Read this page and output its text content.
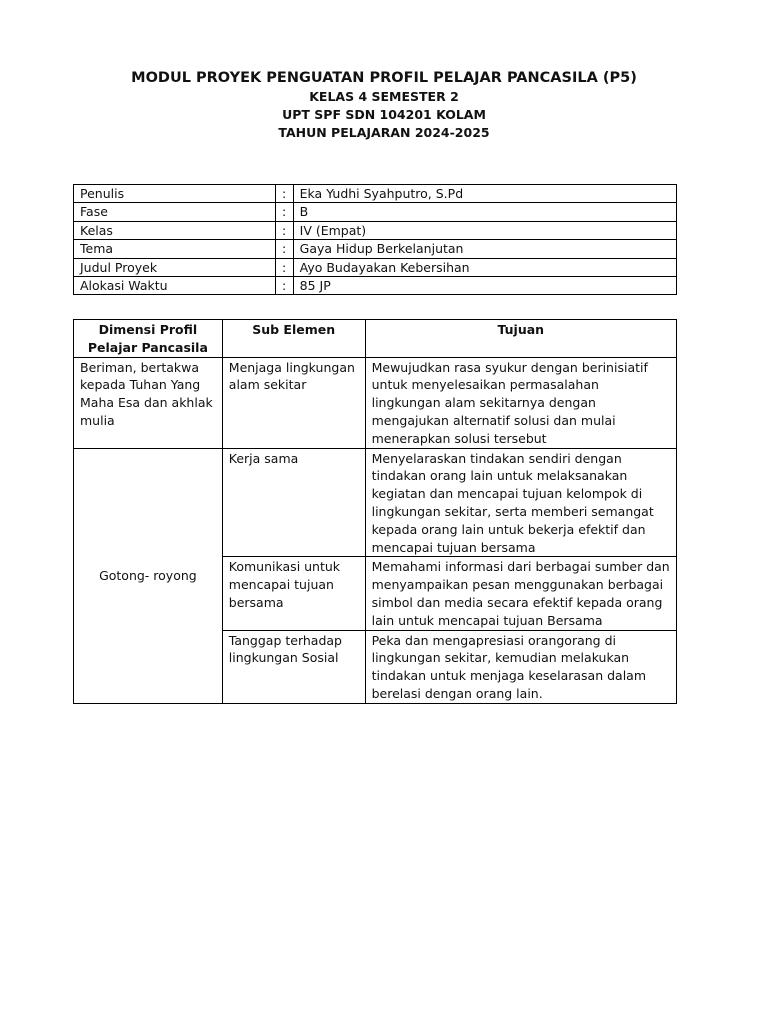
MODUL PROYEK PENGUATAN PROFIL PELAJAR PANCASILA (P5)
KELAS 4 SEMESTER 2
UPT SPF SDN 104201 KOLAM
TAHUN PELAJARAN 2024-2025
Penulis	:	Eka Yudhi Syahputro, S.Pd
Fase	:	B
Kelas	:	IV (Empat)
Tema	:	Gaya Hidup Berkelanjutan
Judul Proyek	:	Ayo Budayakan Kebersihan
Alokasi Waktu	:	85 JP
Dimensi Profil Pelajar Pancasila	Sub Elemen	Tujuan
Beriman, bertakwa kepada Tuhan Yang Maha Esa dan akhlak mulia	Menjaga lingkungan alam sekitar	Mewujudkan rasa syukur dengan berinisiatif untuk menyelesaikan permasalahan lingkungan alam sekitarnya dengan mengajukan alternatif solusi dan mulai menerapkan solusi tersebut
Gotong- royong	Kerja sama	Menyelaraskan tindakan sendiri dengan tindakan orang lain untuk melaksanakan kegiatan dan mencapai tujuan kelompok di lingkungan sekitar, serta memberi semangat kepada orang lain untuk bekerja efektif dan mencapai tujuan bersama
	Komunikasi untuk mencapai tujuan bersama	Memahami informasi dari berbagai sumber dan menyampaikan pesan menggunakan berbagai simbol dan media secara efektif kepada orang lain untuk mencapai tujuan Bersama
	Tanggap terhadap lingkungan Sosial	Peka dan mengapresiasi orangorang di lingkungan sekitar, kemudian melakukan tindakan untuk menjaga keselarasan dalam berelasi dengan orang lain.
